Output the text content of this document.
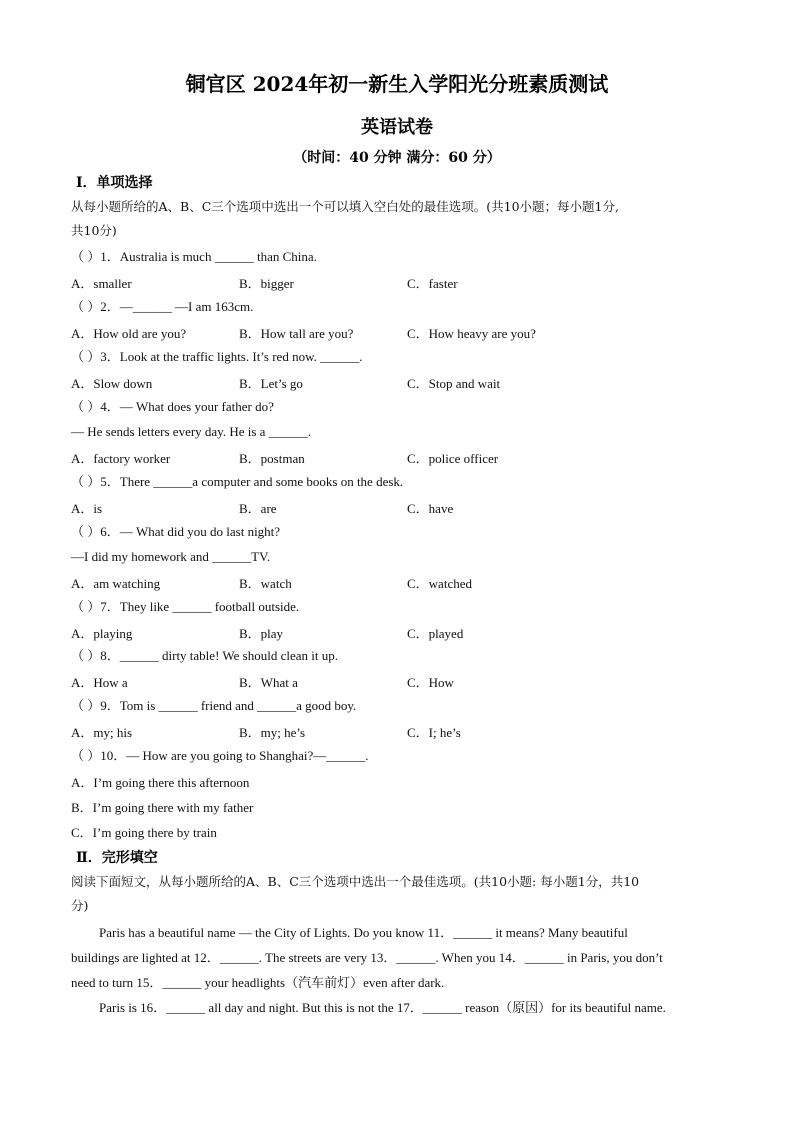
铜官区 2024年初一新生入学阳光分班素质测试
英语试卷
（时间：40 分钟 满分：60 分）
Ⅰ．单项选择
从每小题所给的A、B、C三个选项中选出一个可以填入空白处的最佳选项。(共10小题；每小题1分,
共10分)
（ ）1．Australia is much ______ than China.
A．smaller	B．bigger	C．faster
（ ）2．—______ —I am 163cm.
A．How old are you?	B．How tall are you?	C．How heavy are you?
（ ）3．Look at the traffic lights. It’s red now. ______.
A．Slow down	B．Let’s go	C．Stop and wait
（ ）4．— What does your father do?
— He sends letters every day. He is a ______.
A．factory worker	B．postman	C．police officer
（ ）5．There ______a computer and some books on the desk.
A．is	B．are	C．have
（ ）6．— What did you do last night?
—I did my homework and ______TV.
A．am watching	B．watch	C．watched
（ ）7．They like ______ football outside.
A．playing	B．play	C．played
（ ）8．______ dirty table! We should clean it up.
A．How a	B．What a	C．How
（ ）9．Tom is ______ friend and ______a good boy.
A．my; his	B．my; he’s	C．I; he’s
（ ）10．— How are you going to Shanghai?—______.
A．I’m going there this afternoon
B．I’m going there with my father
C．I’m going there by train
Ⅱ．完形填空
阅读下面短文，从每小题所给的A、B、C三个选项中选出一个最佳选项。(共10小题: 每小题1分，共10
分)
Paris has a beautiful name — the City of Lights. Do you know 11．______ it means? Many beautiful
buildings are lighted at 12．______. The streets are very 13．______. When you 14．______ in Paris, you don’t
need to turn 15．______ your headlights（汽车前灯）even after dark.
Paris is 16．______ all day and night. But this is not the 17．______ reason（原因）for its beautiful name.
